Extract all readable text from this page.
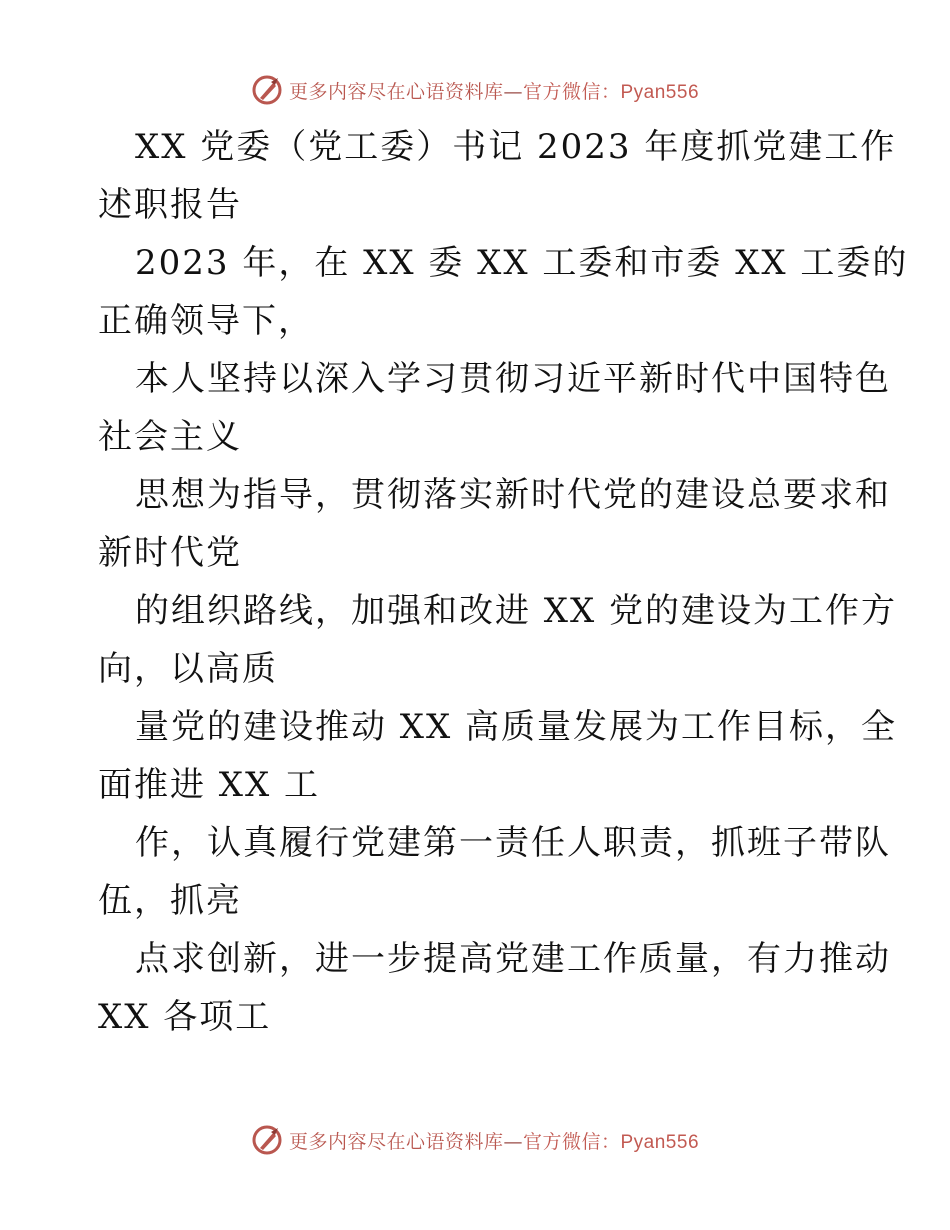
更多内容尽在心语资料库—官方微信：Pyan556
XX 党委（党工委）书记 2023 年度抓党建工作
述职报告
2023 年，在 XX 委 XX 工委和市委 XX 工委的
正确领导下，
本人坚持以深入学习贯彻习近平新时代中国特色
社会主义
思想为指导，贯彻落实新时代党的建设总要求和
新时代党
的组织路线，加强和改进 XX 党的建设为工作方
向，以高质
量党的建设推动 XX 高质量发展为工作目标，全
面推进 XX 工
作，认真履行党建第一责任人职责，抓班子带队
伍，抓亮
点求创新，进一步提高党建工作质量，有力推动
XX 各项工
更多内容尽在心语资料库—官方微信：Pyan556
